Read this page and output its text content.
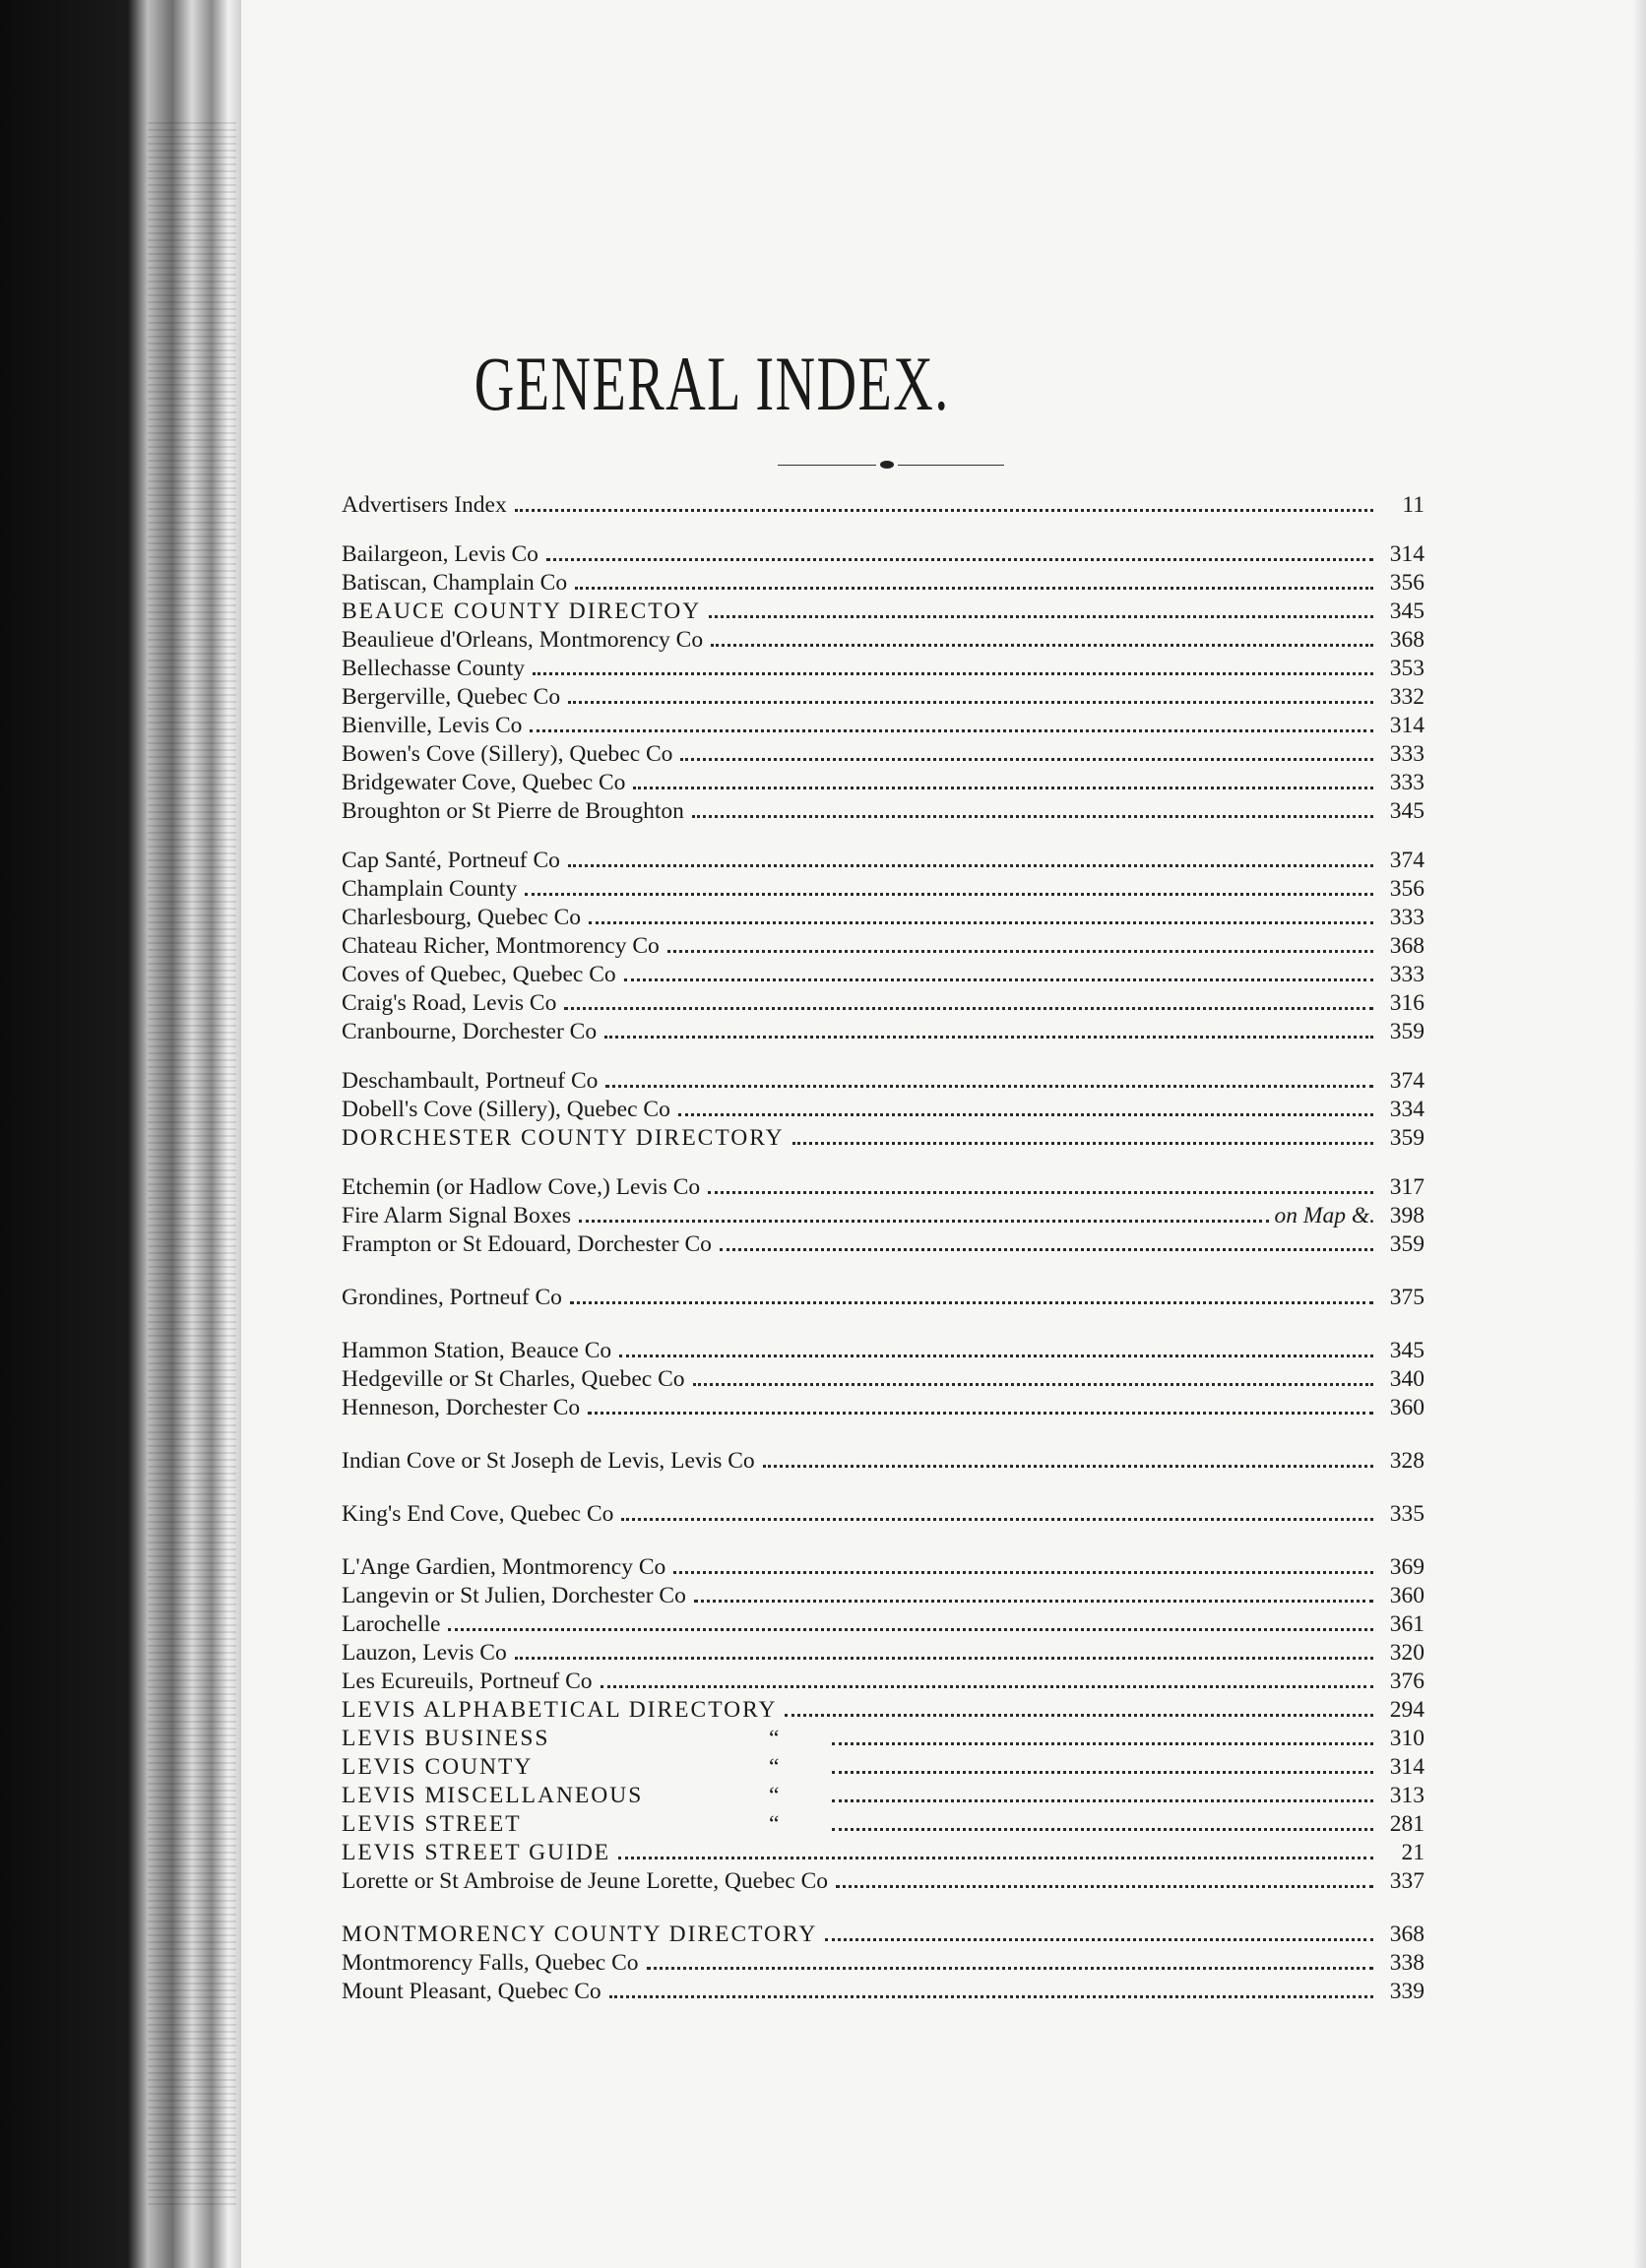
GENERAL INDEX.
Advertisers Index	11
Bailargeon, Levis Co	314
Batiscan, Champlain Co	356
BEAUCE COUNTY DIRECTOY	345
Beaulieue d'Orleans, Montmorency Co	368
Bellechasse County	353
Bergerville, Quebec Co	332
Bienville, Levis Co	314
Bowen's Cove (Sillery), Quebec Co	333
Bridgewater Cove, Quebec Co	333
Broughton or St Pierre de Broughton	345
Cap Santé, Portneuf Co	374
Champlain County	356
Charlesbourg, Quebec Co	333
Chateau Richer, Montmorency Co	368
Coves of Quebec, Quebec Co	333
Craig's Road, Levis Co	316
Cranbourne, Dorchester Co	359
Deschambault, Portneuf Co	374
Dobell's Cove (Sillery), Quebec Co	334
DORCHESTER COUNTY DIRECTORY	359
Etchemin (or Hadlow Cove,) Levis Co	317
Fire Alarm Signal Boxes	on Map &. 398
Frampton or St Edouard, Dorchester Co	359
Grondines, Portneuf Co	375
Hammon Station, Beauce Co	345
Hedgeville or St Charles, Quebec Co	340
Henneson, Dorchester Co	360
Indian Cove or St Joseph de Levis, Levis Co	328
King's End Cove, Quebec Co	335
L'Ange Gardien, Montmorency Co	369
Langevin or St Julien, Dorchester Co	360
Larochelle	361
Lauzon, Levis Co	320
Les Ecureuils, Portneuf Co	376
LEVIS ALPHABETICAL DIRECTORY	294
LEVIS BUSINESS	“	310
LEVIS COUNTY	“	314
LEVIS MISCELLANEOUS	“	313
LEVIS STREET	“	281
LEVIS STREET GUIDE	21
Lorette or St Ambroise de Jeune Lorette, Quebec Co	337
MONTMORENCY COUNTY DIRECTORY	368
Montmorency Falls, Quebec Co	338
Mount Pleasant, Quebec Co	339
